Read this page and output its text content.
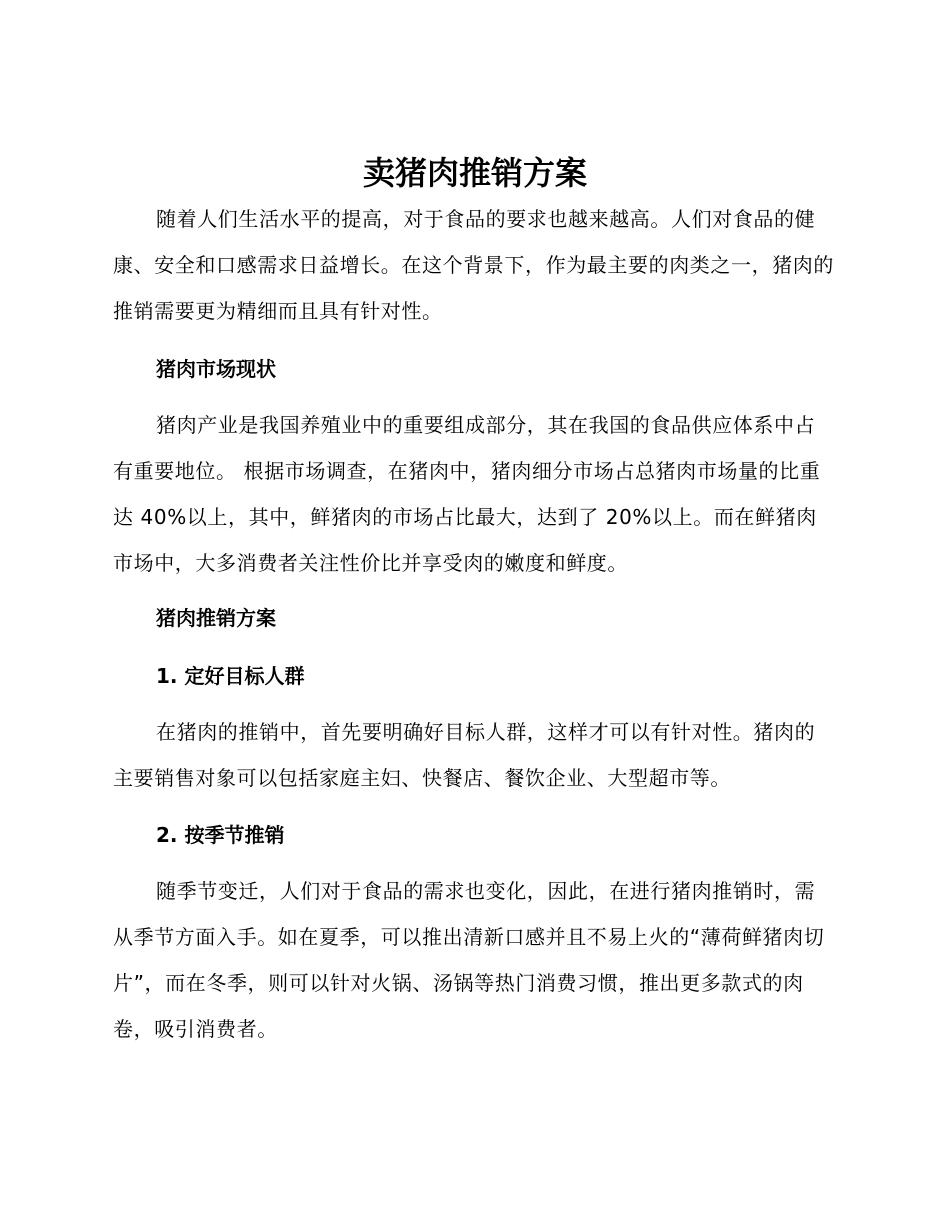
卖猪肉推销方案

随着人们生活水平的提高，对于食品的要求也越来越高。人们对食品的健康、安全和口感需求日益增长。在这个背景下，作为最主要的肉类之一，猪肉的推销需要更为精细而且具有针对性。

猪肉市场现状

猪肉产业是我国养殖业中的重要组成部分，其在我国的食品供应体系中占有重要地位。 根据市场调查，在猪肉中，猪肉细分市场占总猪肉市场量的比重达 40%以上，其中，鲜猪肉的市场占比最大，达到了 20%以上。而在鲜猪肉市场中，大多消费者关注性价比并享受肉的嫩度和鲜度。

猪肉推销方案
1. 定好目标人群

在猪肉的推销中，首先要明确好目标人群，这样才可以有针对性。猪肉的主要销售对象可以包括家庭主妇、快餐店、餐饮企业、大型超市等。

2. 按季节推销

随季节变迁，人们对于食品的需求也变化，因此，在进行猪肉推销时，需从季节方面入手。如在夏季，可以推出清新口感并且不易上火的“薄荷鲜猪肉切片”，而在冬季，则可以针对火锅、汤锅等热门消费习惯，推出更多款式的肉卷，吸引消费者。
